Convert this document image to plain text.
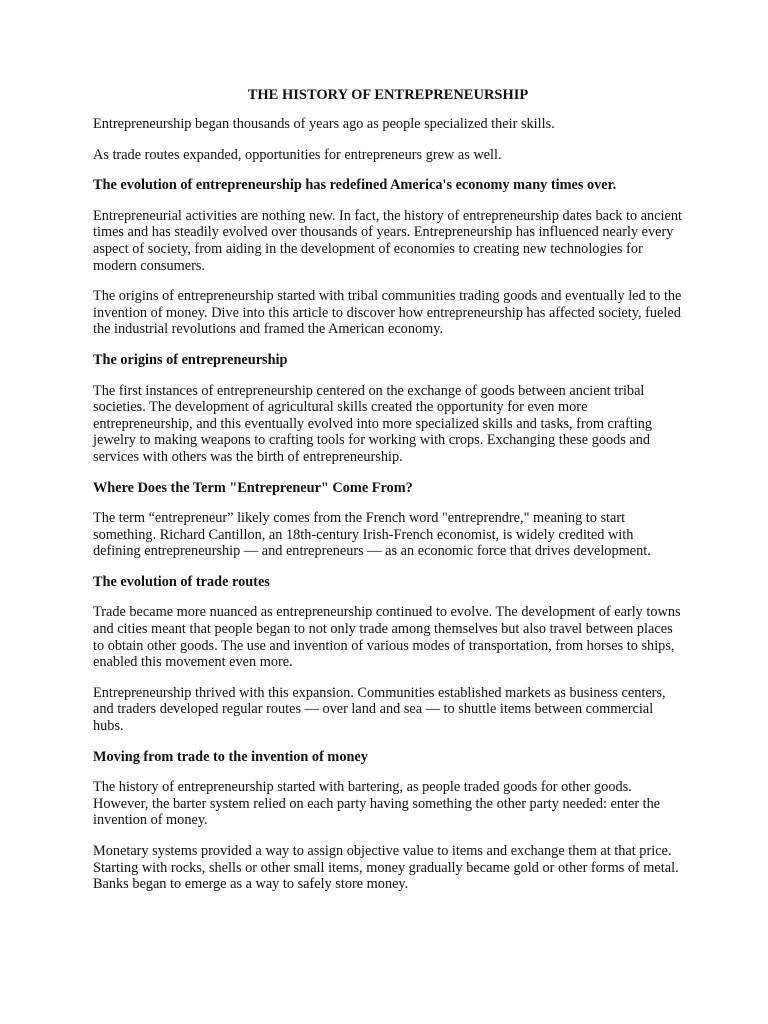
THE HISTORY OF ENTREPRENEURSHIP

Entrepreneurship began thousands of years ago as people specialized their skills.

As trade routes expanded, opportunities for entrepreneurs grew as well.

The evolution of entrepreneurship has redefined America's economy many times over.

Entrepreneurial activities are nothing new. In fact, the history of entrepreneurship dates back to ancient times and has steadily evolved over thousands of years. Entrepreneurship has influenced nearly every aspect of society, from aiding in the development of economies to creating new technologies for modern consumers.

The origins of entrepreneurship started with tribal communities trading goods and eventually led to the invention of money. Dive into this article to discover how entrepreneurship has affected society, fueled the industrial revolutions and framed the American economy.

The origins of entrepreneurship

The first instances of entrepreneurship centered on the exchange of goods between ancient tribal societies. The development of agricultural skills created the opportunity for even more entrepreneurship, and this eventually evolved into more specialized skills and tasks, from crafting jewelry to making weapons to crafting tools for working with crops. Exchanging these goods and services with others was the birth of entrepreneurship.

Where Does the Term "Entrepreneur" Come From?

The term “entrepreneur” likely comes from the French word "entreprendre," meaning to start something. Richard Cantillon, an 18th-century Irish-French economist, is widely credited with defining entrepreneurship — and entrepreneurs — as an economic force that drives development.

The evolution of trade routes

Trade became more nuanced as entrepreneurship continued to evolve. The development of early towns and cities meant that people began to not only trade among themselves but also travel between places to obtain other goods. The use and invention of various modes of transportation, from horses to ships, enabled this movement even more.

Entrepreneurship thrived with this expansion. Communities established markets as business centers, and traders developed regular routes — over land and sea — to shuttle items between commercial hubs.

Moving from trade to the invention of money

The history of entrepreneurship started with bartering, as people traded goods for other goods. However, the barter system relied on each party having something the other party needed: enter the invention of money.

Monetary systems provided a way to assign objective value to items and exchange them at that price. Starting with rocks, shells or other small items, money gradually became gold or other forms of metal. Banks began to emerge as a way to safely store money.
